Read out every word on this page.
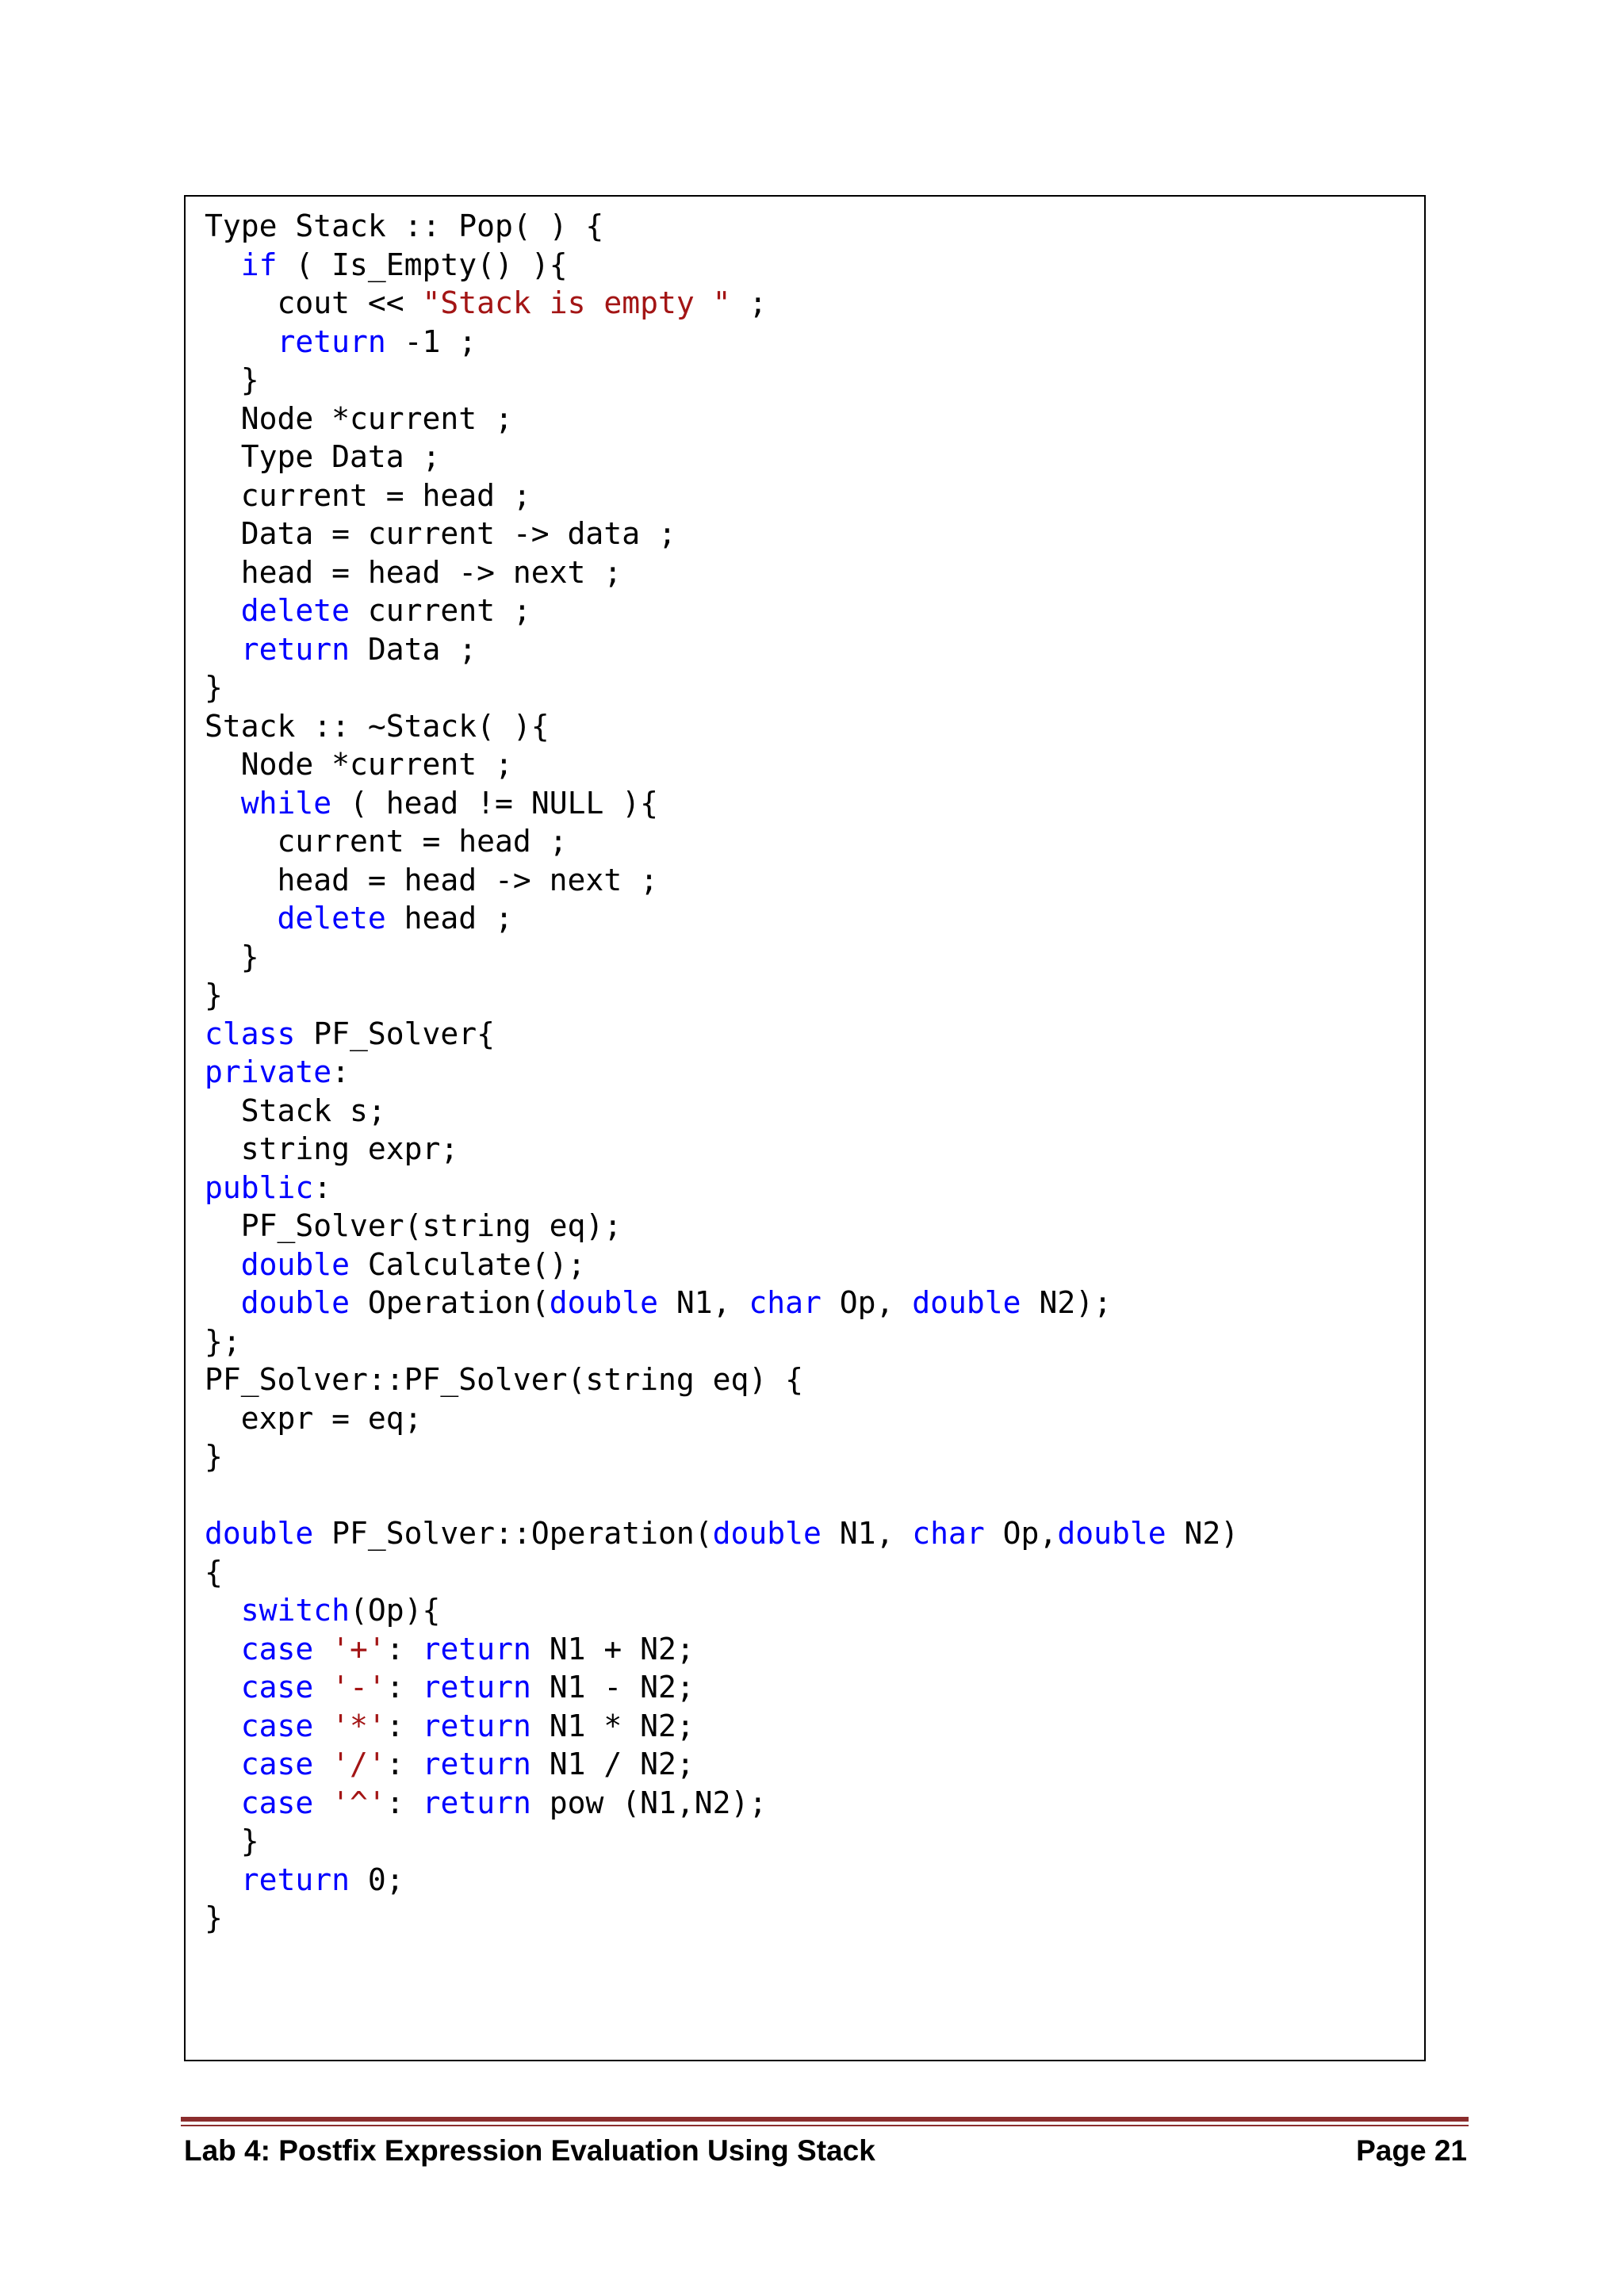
Type Stack :: Pop( ) {
if ( Is_Empty() ){
cout << "Stack is empty " ;
return -1 ;
}
Node *current ;
Type Data ;
current = head ;
Data = current -> data ;
head = head -> next ;
delete current ;
return Data ;
}
Stack :: ~Stack( ){
Node *current ;
while ( head != NULL ){
current = head ;
head = head -> next ;
delete head ;
}
}
class PF_Solver{
private:
Stack s;
string expr;
public:
PF_Solver(string eq);
double Calculate();
double Operation(double N1, char Op, double N2);
};
PF_Solver::PF_Solver(string eq) {
expr = eq;
}
double PF_Solver::Operation(double N1, char Op,double N2)
{
switch(Op){
case '+': return N1 + N2;
case '-': return N1 - N2;
case '*': return N1 * N2;
case '/': return N1 / N2;
case '^': return pow (N1,N2);
}
return 0;
}
Lab 4: Postfix Expression Evaluation Using Stack	Page 21
